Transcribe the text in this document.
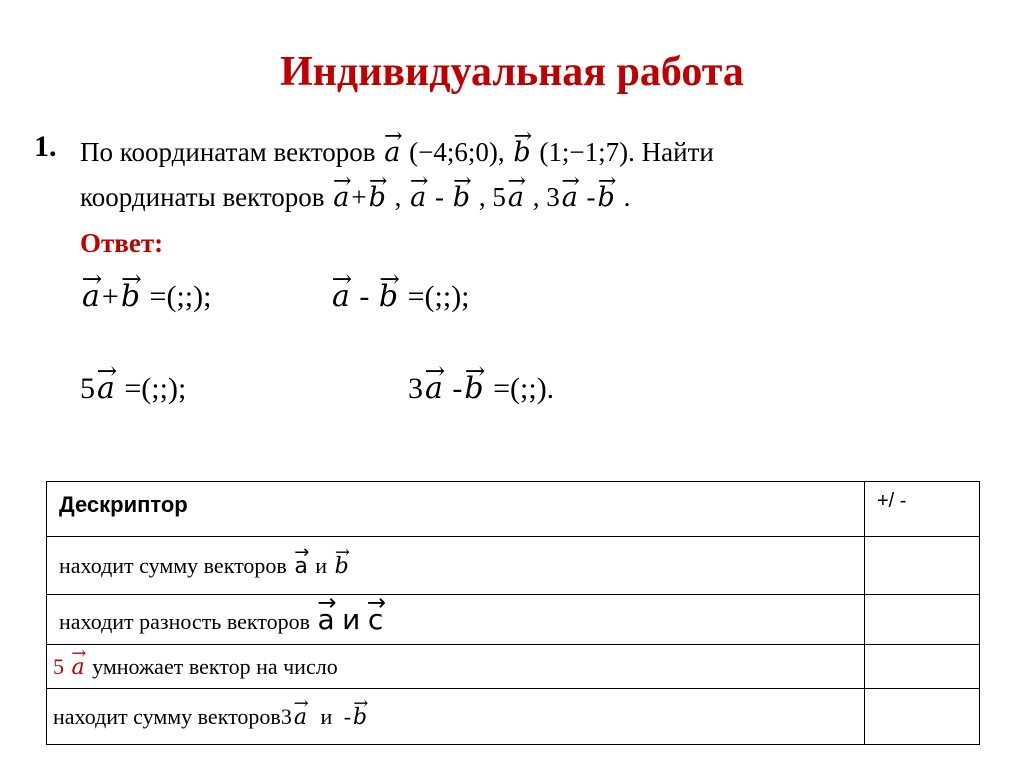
Индивидуальная работа
1. По координатам векторов → a (−4;6;0), → b (1;−1;7). Найти
координаты векторов → a+→ b , → a - → b , 5→ a , 3→ a -→ b .
Ответ:
→ a+→ b =(;;);	→ a - → b =(;;);
5→ a =(;;);	3→ a -→ b =(;;).
Дескриптор	+/ -
находит сумму векторов → a и → b	
находит разность векторов → a и → c	
5 → a умножает вектор на число	
находит сумму векторов3→ a и -→ b	
